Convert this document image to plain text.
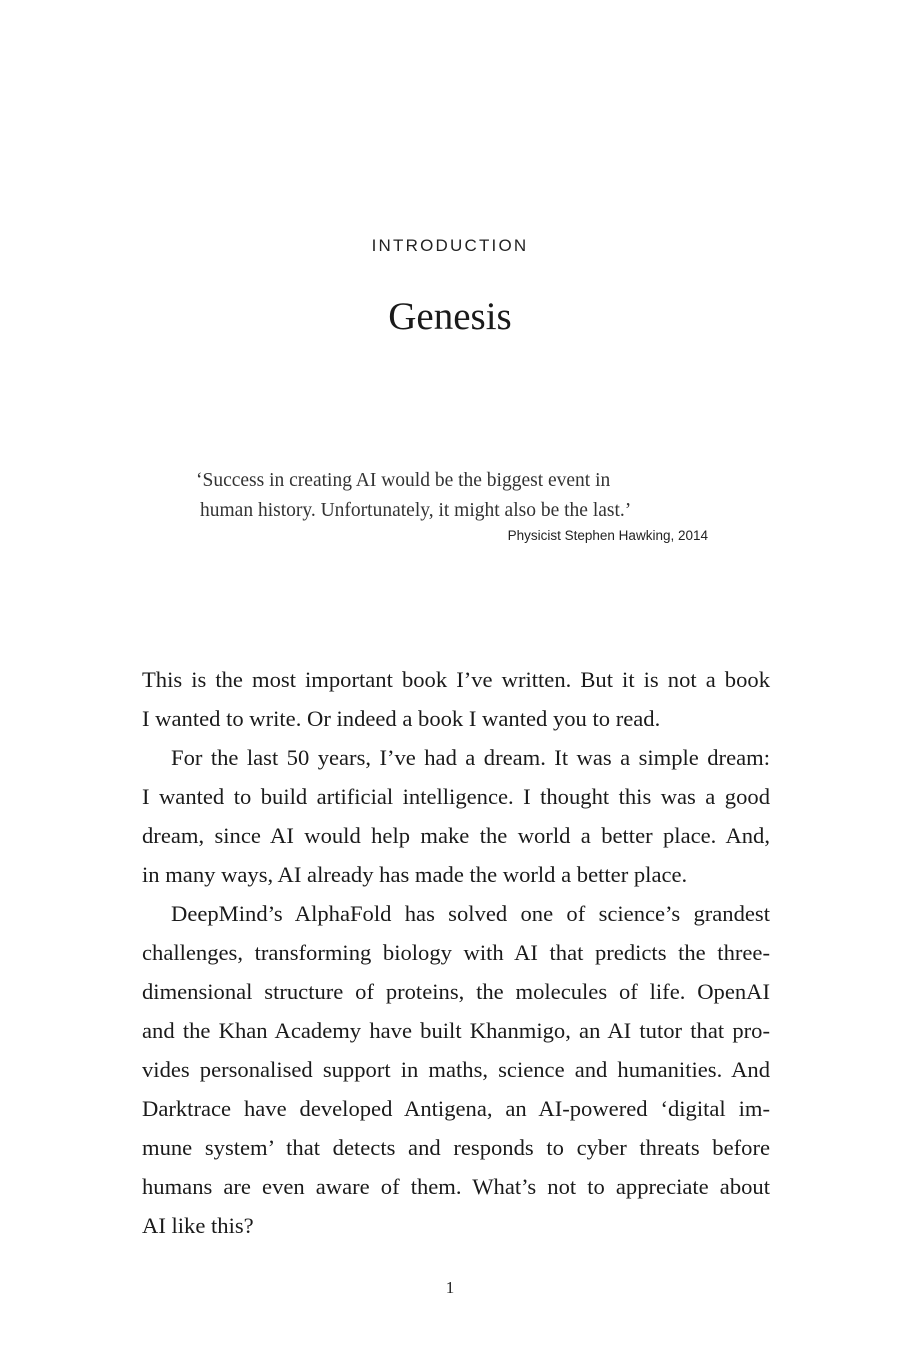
INTRODUCTION
Genesis
‘Success in creating AI would be the biggest event in
human history. Unfortunately, it might also be the last.’
Physicist Stephen Hawking, 2014
This is the most important book I’ve written. But it is not a book
I wanted to write. Or indeed a book I wanted you to read.
For the last 50 years, I’ve had a dream. It was a simple dream:
I wanted to build artificial intelligence. I thought this was a good
dream, since AI would help make the world a better place. And,
in many ways, AI already has made the world a better place.
DeepMind’s AlphaFold has solved one of science’s grandest
challenges, transforming biology with AI that predicts the three-
dimensional structure of proteins, the molecules of life. OpenAI
and the Khan Academy have built Khanmigo, an AI tutor that pro-
vides personalised support in maths, science and humanities. And
Darktrace have developed Antigena, an AI-powered ‘digital im-
mune system’ that detects and responds to cyber threats before
humans are even aware of them. What’s not to appreciate about
AI like this?
1
